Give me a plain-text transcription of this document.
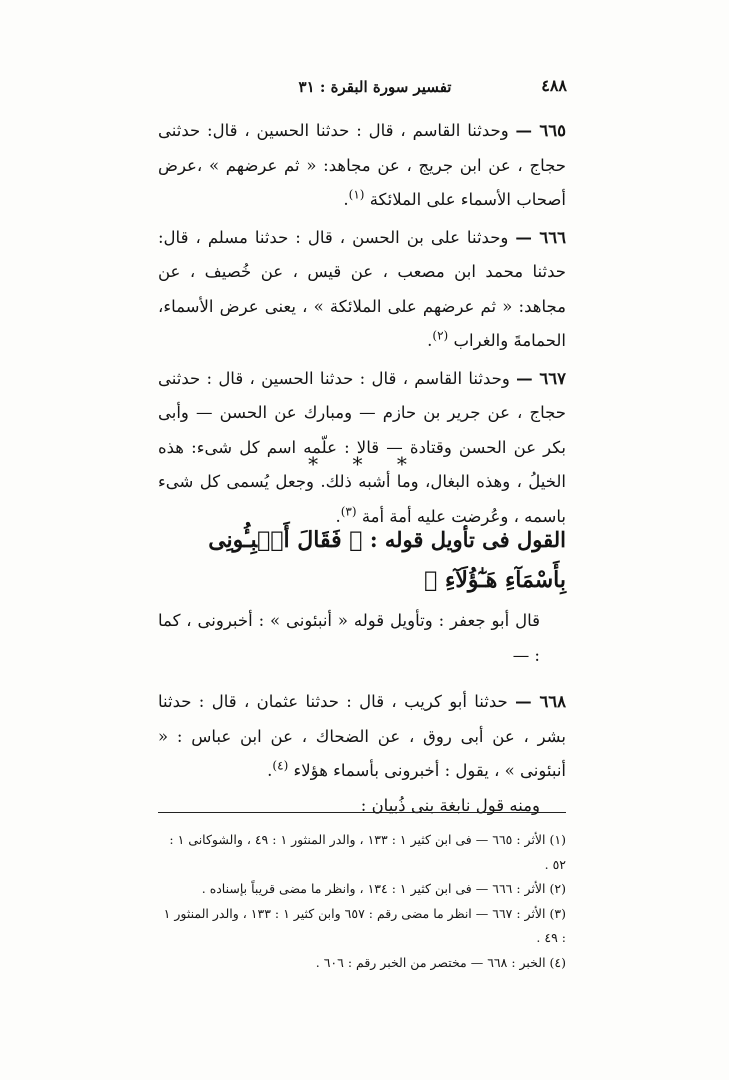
٤٨٨
تفسير سورة البقرة : ٣١

٦٦٥ — وحدثنا القاسم ، قال : حدثنا الحسين ، قال: حدثنى حجاج ، عن ابن جريج ، عن مجاهد: « ثم عرضهم » ،عرض أصحاب الأسماء على الملائكة $^{(١)}$.

٦٦٦ — وحدثنا على بن الحسن ، قال : حدثنا مسلم ، قال: حدثنا محمد ابن مصعب ، عن قيس ، عن خُصيف ، عن مجاهد: « ثم عرضهم على الملائكة » ، يعنى عرض الأسماء، الحمامةَ والغراب $^{(٢)}$.

٦٦٧ — وحدثنا القاسم ، قال : حدثنا الحسين ، قال : حدثنى حجاج ، عن جرير بن حازم — ومبارك عن الحسن — وأبى بكر عن الحسن وقتادة — قالا : علّمه اسم كل شىء: هذه الخيلُ ، وهذه البغال، وما أشبه ذلك. وجعل يُسمى كل شىء باسمه ، وعُرضت عليه أمة أمة $^{(٣)}$.

* * *
القول فى تأويل قوله : ﴿ فَقَالَ أَنۢبِـُٔونِى بِأَسْمَآءِ هَـٰٓؤُلَآءِ ﴾

قال أبو جعفر : وتأويل قوله « أنبئونى » : أخبرونى ، كما : —

٦٦٨ — حدثنا أبو كريب ، قال : حدثنا عثمان ، قال : حدثنا بشر ، عن أبى روق ، عن الضحاك ، عن ابن عباس : « أنبئونى » ، يقول : أخبرونى بأسماء هؤلاء $^{(٤)}$.

ومنه قول نابغة بنى ذُبيان :

(١) الأثر : ٦٦٥ — فى ابن كثير ١ : ١٣٣ ، والدر المنثور ١ : ٤٩ ، والشوكانى ١ : ٥٢ .

(٢) الأثر : ٦٦٦ — فى ابن كثير ١ : ١٣٤ ، وانظر ما مضى قريباً بإسناده .

(٣) الأثر : ٦٦٧ — انظر ما مضى رقم : ٦٥٧ وابن كثير ١ : ١٣٣ ، والدر المنثور ١ : ٤٩ .

(٤) الخبر : ٦٦٨ — مختصر من الخبر رقم : ٦٠٦ .
